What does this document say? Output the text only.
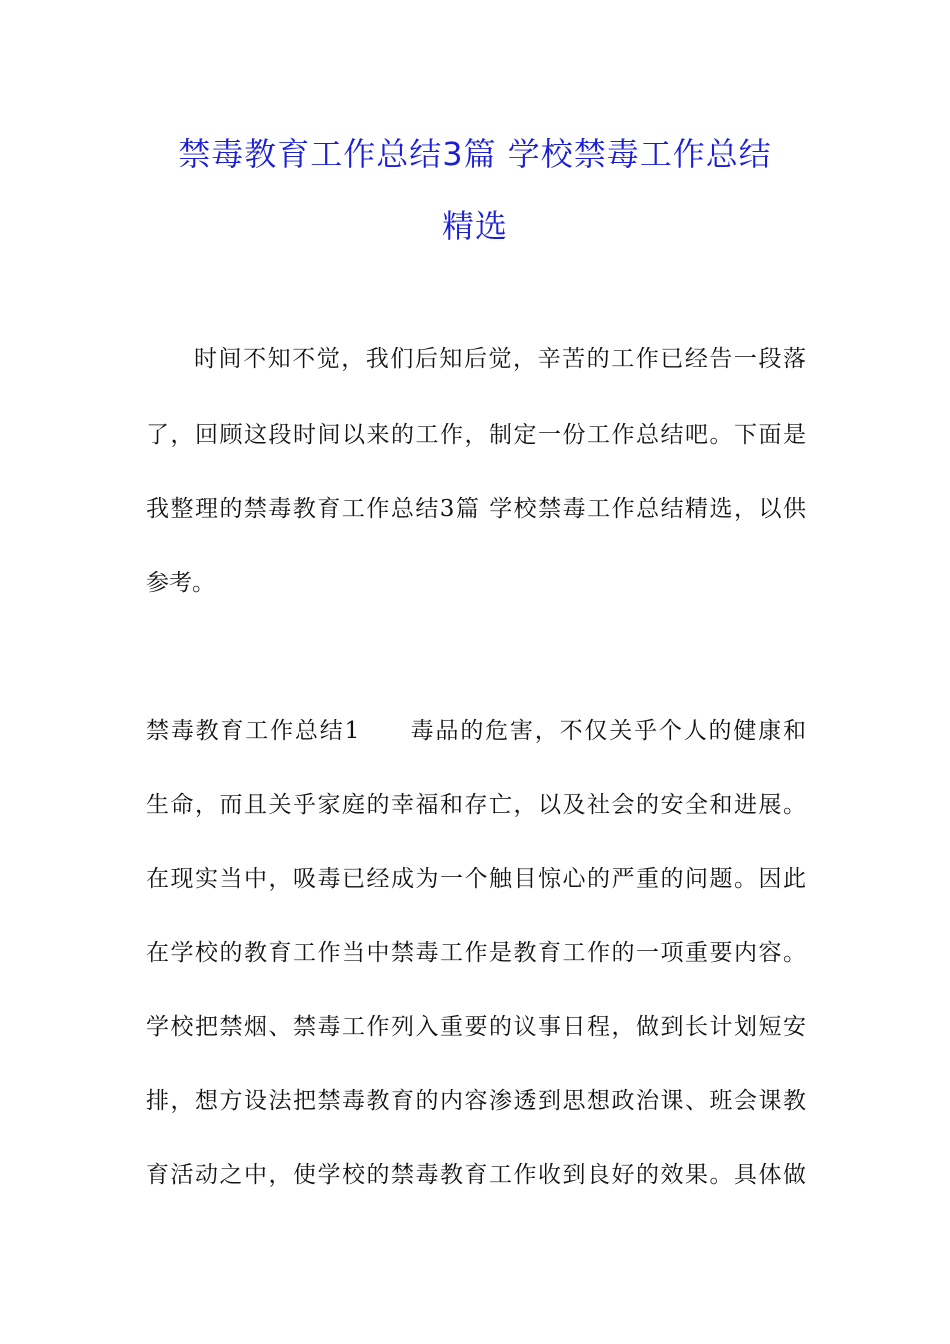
禁毒教育工作总结3篇 学校禁毒工作总结
精选
时间不知不觉，我们后知后觉，辛苦的工作已经告一段落
了，回顾这段时间以来的工作，制定一份工作总结吧。下面是
我整理的禁毒教育工作总结3篇 学校禁毒工作总结精选，以供
参考。
禁毒教育工作总结1　　毒品的危害，不仅关乎个人的健康和
生命，而且关乎家庭的幸福和存亡，以及社会的安全和进展。
在现实当中，吸毒已经成为一个触目惊心的严重的问题。因此
在学校的教育工作当中禁毒工作是教育工作的一项重要内容。
学校把禁烟、禁毒工作列入重要的议事日程，做到长计划短安
排，想方设法把禁毒教育的内容渗透到思想政治课、班会课教
育活动之中，使学校的禁毒教育工作收到良好的效果。具体做
